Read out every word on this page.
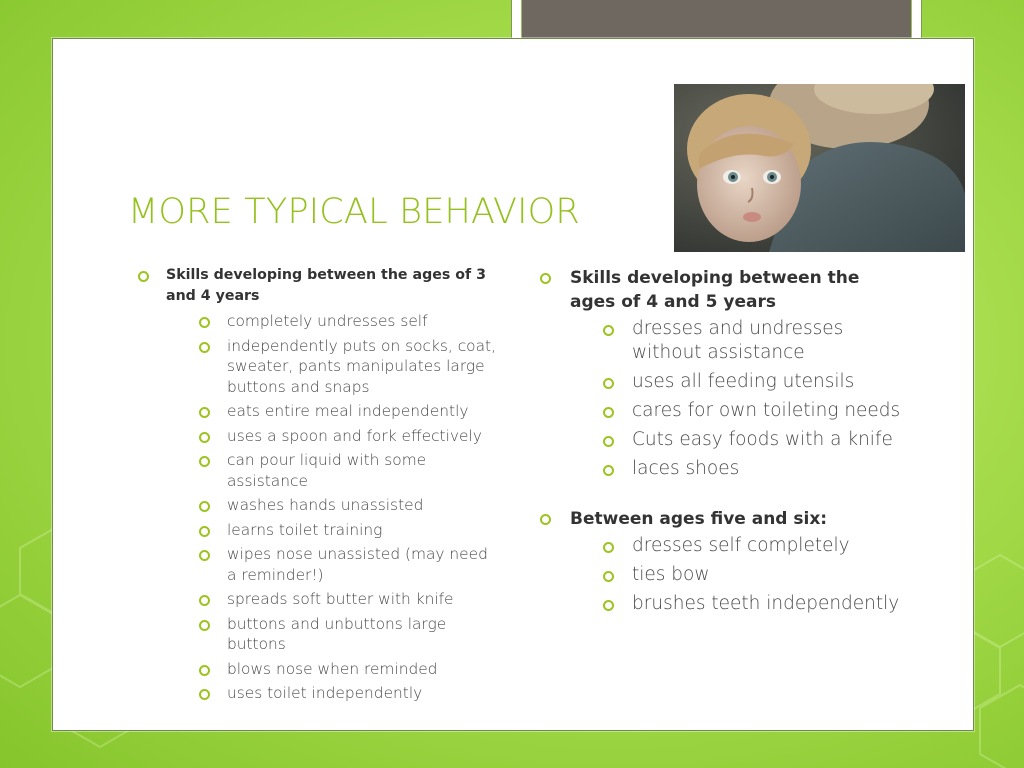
MORE TYPICAL BEHAVIOR
Skills developing between the ages of 3 and 4 years
completely undresses self
independently puts on socks, coat, sweater, pants manipulates large buttons and snaps
eats entire meal independently
uses a spoon and fork effectively
can pour liquid with some assistance
washes hands unassisted
learns toilet training
wipes nose unassisted (may need a reminder!)
spreads soft butter with knife
buttons and unbuttons large buttons
blows nose when reminded
uses toilet independently
Skills developing between the ages of 4 and 5 years
dresses and undresses without assistance
uses all feeding utensils
cares for own toileting needs
Cuts easy foods with a knife
laces shoes
Between ages five and six:
dresses self completely
ties bow
brushes teeth independently
